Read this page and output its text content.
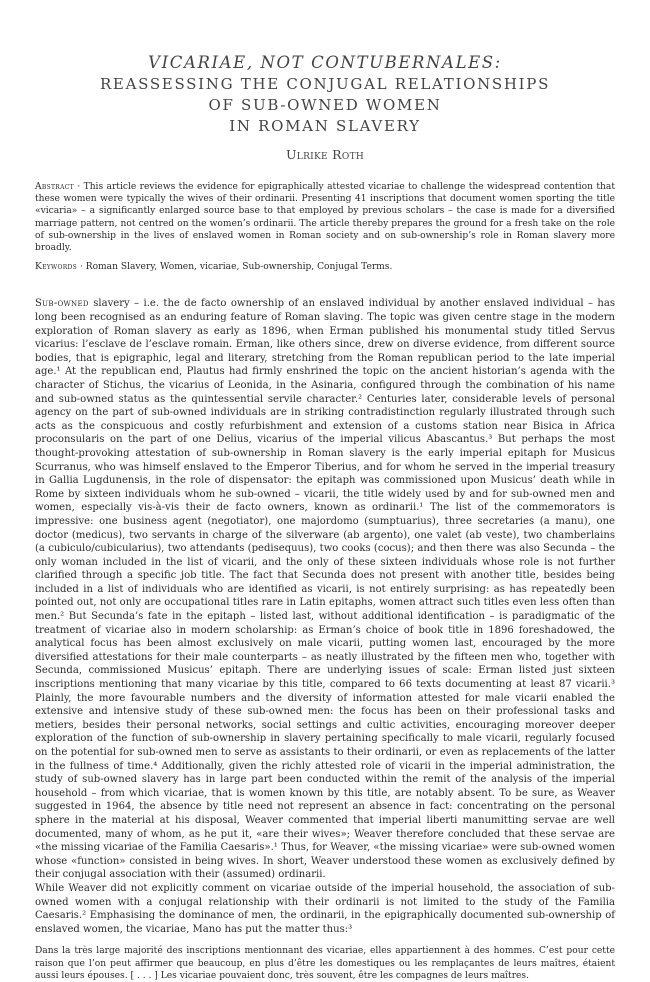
VICARIAE, NOT CONTUBERNALES:

REASSESSING THE CONJUGAL RELATIONSHIPS

OF SUB-OWNED WOMEN

IN ROMAN SLAVERY

Ulrike Roth

Abstract · This article reviews the evidence for epigraphically attested vicariae to challenge the widespread contention that these women were typically the wives of their ordinarii. Presenting 41 inscriptions that document women sporting the title «vicaria» – a significantly enlarged source base to that employed by previous scholars – the case is made for a diversified marriage pattern, not centred on the women’s ordinarii. The article thereby prepares the ground for a fresh take on the role of sub-ownership in the lives of enslaved women in Roman society and on sub-ownership’s role in Roman slavery more broadly.

Keywords · Roman Slavery, Women, vicariae, Sub-ownership, Conjugal Terms.

Sub-owned slavery – i.e. the de facto ownership of an enslaved individual by another enslaved individual – has long been recognised as an enduring feature of Roman slaving. The topic was given centre stage in the modern exploration of Roman slavery as early as 1896, when Erman published his monumental study titled Servus vicarius: l’esclave de l’esclave romain. Erman, like others since, drew on diverse evidence, from different source bodies, that is epigraphic, legal and literary, stretching from the Roman republican period to the late imperial age.¹ At the republican end, Plautus had firmly enshrined the topic on the ancient historian’s agenda with the character of Stichus, the vicarius of Leonida, in the Asinaria, configured through the combination of his name and sub-owned status as the quintessential servile character.² Centuries later, considerable levels of personal agency on the part of sub-owned individuals are in striking contradistinction regularly illustrated through such acts as the conspicuous and costly refurbishment and extension of a customs station near Bisica in Africa proconsularis on the part of one Delius, vicarius of the imperial vilicus Abascantus.³ But perhaps the most thought-provoking attestation of sub-ownership in Roman slavery is the early imperial epitaph for Musicus Scurranus, who was himself enslaved to the Emperor Tiberius, and for whom he served in the imperial treasury in Gallia Lugdunensis, in the role of dispensator: the epitaph was commissioned upon Musicus’ death while in Rome by sixteen individuals whom he sub-owned – vicarii, the title widely used by and for sub-owned men and women, especially vis-à-vis their de facto owners, known as ordinarii.¹ The list of the commemorators is impressive: one business agent (negotiator), one majordomo (sumptuarius), three secretaries (a manu), one doctor (medicus), two servants in charge of the silverware (ab argento), one valet (ab veste), two chamberlains (a cubiculo/cubicularius), two attendants (pedisequus), two cooks (cocus); and then there was also Secunda – the only woman included in the list of vicarii, and the only of these sixteen individuals whose role is not further clarified through a specific job title. The fact that Secunda does not present with another title, besides being included in a list of individuals who are identified as vicarii, is not entirely surprising: as has repeatedly been pointed out, not only are occupational titles rare in Latin epitaphs, women attract such titles even less often than men.² But Secunda’s fate in the epitaph – listed last, without additional identification – is paradigmatic of the treatment of vicariae also in modern scholarship: as Erman’s choice of book title in 1896 foreshadowed, the analytical focus has been almost exclusively on male vicarii, putting women last, encouraged by the more diversified attestations for their male counterparts – as neatly illustrated by the fifteen men who, together with Secunda, commissioned Musicus’ epitaph. There are underlying issues of scale: Erman listed just sixteen inscriptions mentioning that many vicariae by this title, compared to 66 texts documenting at least 87 vicarii.³ Plainly, the more favourable numbers and the diversity of information attested for male vicarii enabled the extensive and intensive study of these sub-owned men: the focus has been on their professional tasks and metiers, besides their personal networks, social settings and cultic activities, encouraging moreover deeper exploration of the function of sub-ownership in slavery pertaining specifically to male vicarii, regularly focused on the potential for sub-owned men to serve as assistants to their ordinarii, or even as replacements of the latter in the fullness of time.⁴ Additionally, given the richly attested role of vicarii in the imperial administration, the study of sub-owned slavery has in large part been conducted within the remit of the analysis of the imperial household – from which vicariae, that is women known by this title, are notably absent. To be sure, as Weaver suggested in 1964, the absence by title need not represent an absence in fact: concentrating on the personal sphere in the material at his disposal, Weaver commented that imperial liberti manumitting servae are well documented, many of whom, as he put it, «are their wives»; Weaver therefore concluded that these servae are «the missing vicariae of the Familia Caesaris».¹ Thus, for Weaver, «the missing vicariae» were sub-owned women whose «function» consisted in being wives. In short, Weaver understood these women as exclusively defined by their conjugal association with their (assumed) ordinarii.

While Weaver did not explicitly comment on vicariae outside of the imperial household, the association of sub-owned women with a conjugal relationship with their ordinarii is not limited to the study of the Familia Caesaris.² Emphasising the dominance of men, the ordinarii, in the epigraphically documented sub-ownership of enslaved women, the vicariae, Mano has put the matter thus:³

Dans la très large majorité des inscriptions mentionnant des vicariae, elles appartiennent à des hommes. C’est pour cette raison que l’on peut affirmer que beaucoup, en plus d’être les domestiques ou les remplaçantes de leurs maîtres, étaient aussi leurs épouses. [ . . . ] Les vicariae pouvaient donc, très souvent, être les compagnes de leurs maîtres.
